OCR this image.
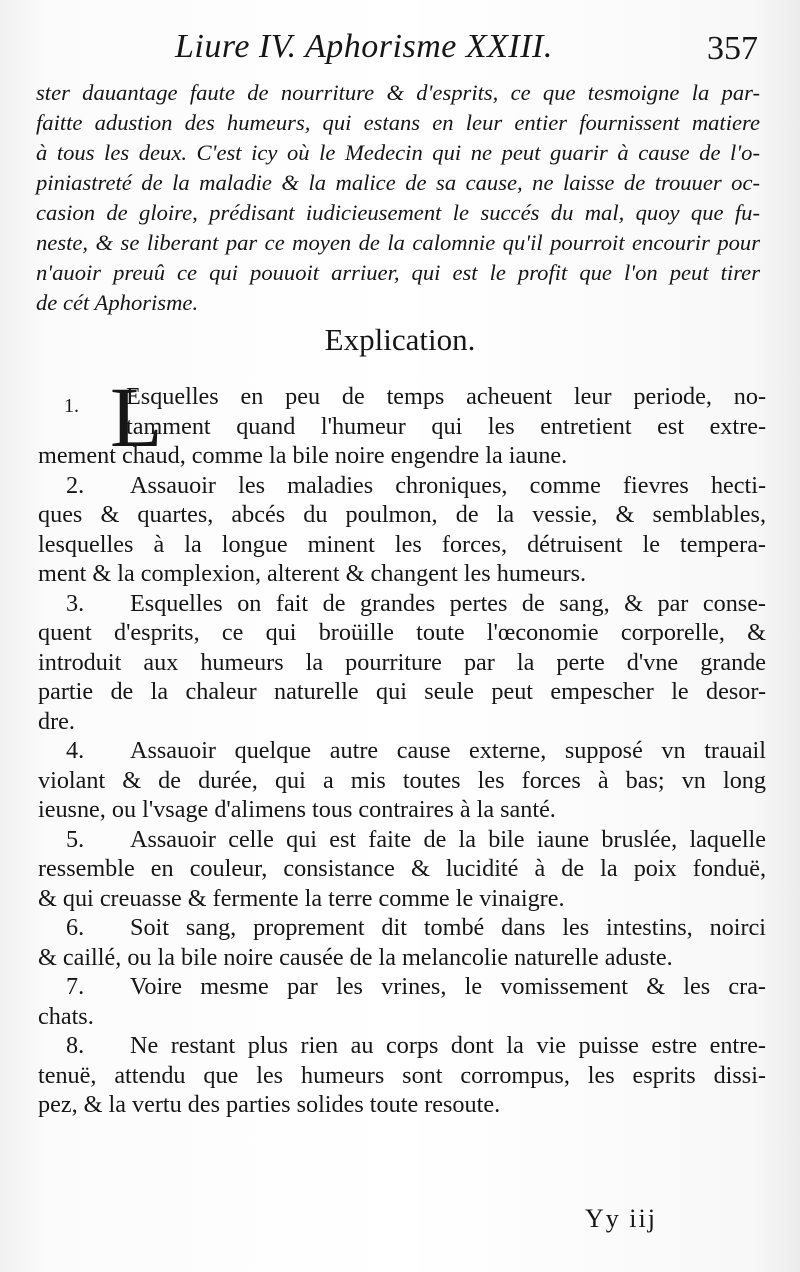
Liure IV. Aphorisme XXIII.	357
ster dauantage faute de nourriture & d'esprits, ce que tesmoigne la par-
faitte adustion des humeurs, qui estans en leur entier fournissent matiere
à tous les deux. C'est icy où le Medecin qui ne peut guarir à cause de l'o-
piniastreté de la maladie & la malice de sa cause, ne laisse de trouuer oc-
casion de gloire, prédisant iudicieusement le succés du mal, quoy que fu-
neste, & se liberant par ce moyen de la calomnie qu'il pourroit encourir pour
n'auoir preuû ce qui pouuoit arriuer, qui est le profit que l'on peut tirer
de cét Aphorisme.
Explication.
1. L
Esquelles en peu de temps acheuent leur periode, no-
tamment quand l'humeur qui les entretient est extre-
mement chaud, comme la bile noire engendre la iaune.
2. Assauoir les maladies chroniques, comme fievres hecti-
ques & quartes, abcés du poulmon, de la vessie, & semblables,
lesquelles à la longue minent les forces, détruisent le tempera-
ment & la complexion, alterent & changent les humeurs.
3. Esquelles on fait de grandes pertes de sang, & par conse-
quent d'esprits, ce qui broüille toute l'œconomie corporelle, &
introduit aux humeurs la pourriture par la perte d'vne grande
partie de la chaleur naturelle qui seule peut empescher le desor-
dre.
4. Assauoir quelque autre cause externe, supposé vn trauail
violant & de durée, qui a mis toutes les forces à bas; vn long
ieusne, ou l'vsage d'alimens tous contraires à la santé.
5. Assauoir celle qui est faite de la bile iaune bruslée, laquelle
ressemble en couleur, consistance & lucidité à de la poix fonduë,
& qui creuasse & fermente la terre comme le vinaigre.
6. Soit sang, proprement dit tombé dans les intestins, noirci
& caillé, ou la bile noire causée de la melancolie naturelle aduste.
7. Voire mesme par les vrines, le vomissement & les cra-
chats.
8. Ne restant plus rien au corps dont la vie puisse estre entre-
tenuë, attendu que les humeurs sont corrompus, les esprits dissi-
pez, & la vertu des parties solides toute resoute.
Yy iij
